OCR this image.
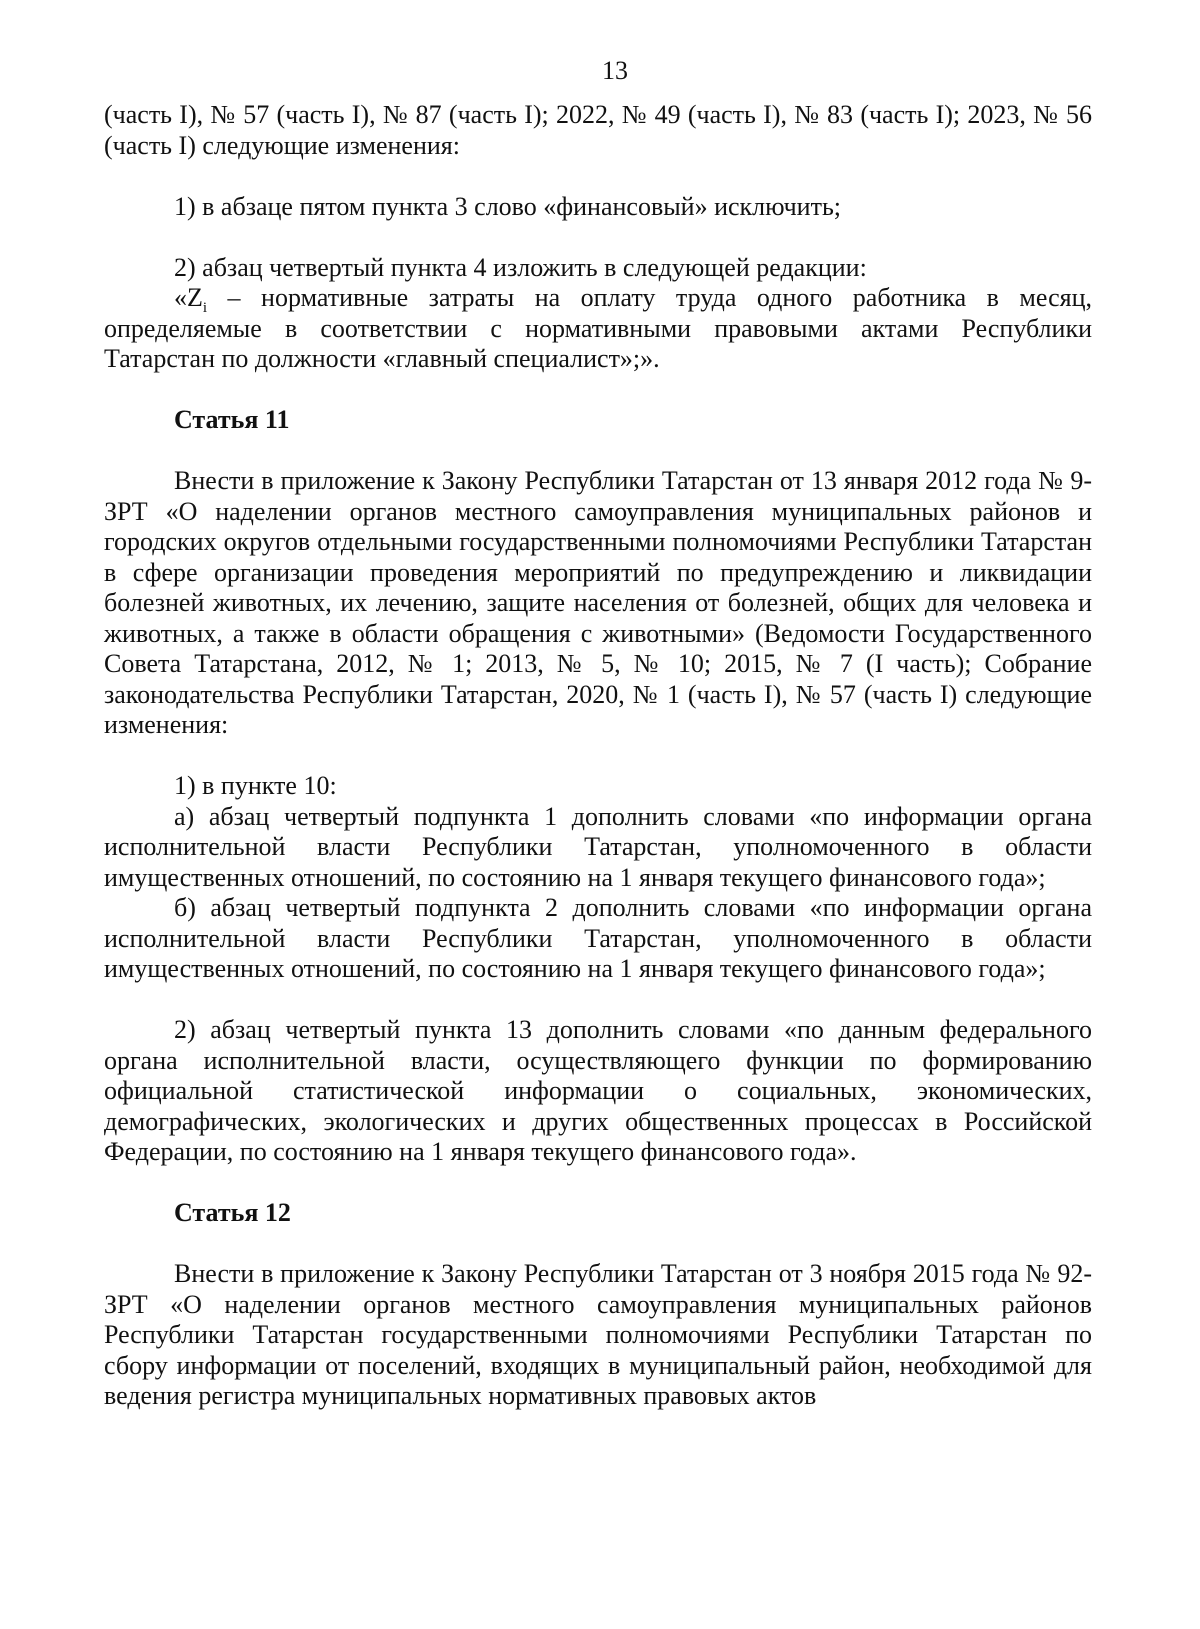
13

(часть I), № 57 (часть I), № 87 (часть I); 2022, № 49 (часть I), № 83 (часть I); 2023, № 56 (часть I) следующие изменения:

1) в абзаце пятом пункта 3 слово «финансовый» исключить;

2) абзац четвертый пункта 4 изложить в следующей редакции:

«$Z_i$ – нормативные затраты на оплату труда одного работника в месяц, определяемые в соответствии с нормативными правовыми актами Республики Татарстан по должности «главный специалист»;».

Статья 11

Внести в приложение к Закону Республики Татарстан от 13 января 2012 года № 9-ЗРТ «О наделении органов местного самоуправления муниципальных районов и городских округов отдельными государственными полномочиями Республики Татарстан в сфере организации проведения мероприятий по предупреждению и ликвидации болезней животных, их лечению, защите населения от болезней, общих для человека и животных, а также в области обращения с животными» (Ведомости Государственного Совета Татарстана, 2012, № 1; 2013, № 5, № 10; 2015, № 7 (I часть); Собрание законодательства Республики Татарстан, 2020, № 1 (часть I), № 57 (часть I) следующие изменения:

1) в пункте 10:

а) абзац четвертый подпункта 1 дополнить словами «по информации органа исполнительной власти Республики Татарстан, уполномоченного в области имущественных отношений, по состоянию на 1 января текущего финансового года»;

б) абзац четвертый подпункта 2 дополнить словами «по информации органа исполнительной власти Республики Татарстан, уполномоченного в области имущественных отношений, по состоянию на 1 января текущего финансового года»;

2) абзац четвертый пункта 13 дополнить словами «по данным федерального органа исполнительной власти, осуществляющего функции по формированию официальной статистической информации о социальных, экономических, демографических, экологических и других общественных процессах в Российской Федерации, по состоянию на 1 января текущего финансового года».

Статья 12

Внести в приложение к Закону Республики Татарстан от 3 ноября 2015 года № 92-ЗРТ «О наделении органов местного самоуправления муниципальных районов Республики Татарстан государственными полномочиями Республики Татарстан по сбору информации от поселений, входящих в муниципальный район, необходимой для ведения регистра муниципальных нормативных правовых актов
